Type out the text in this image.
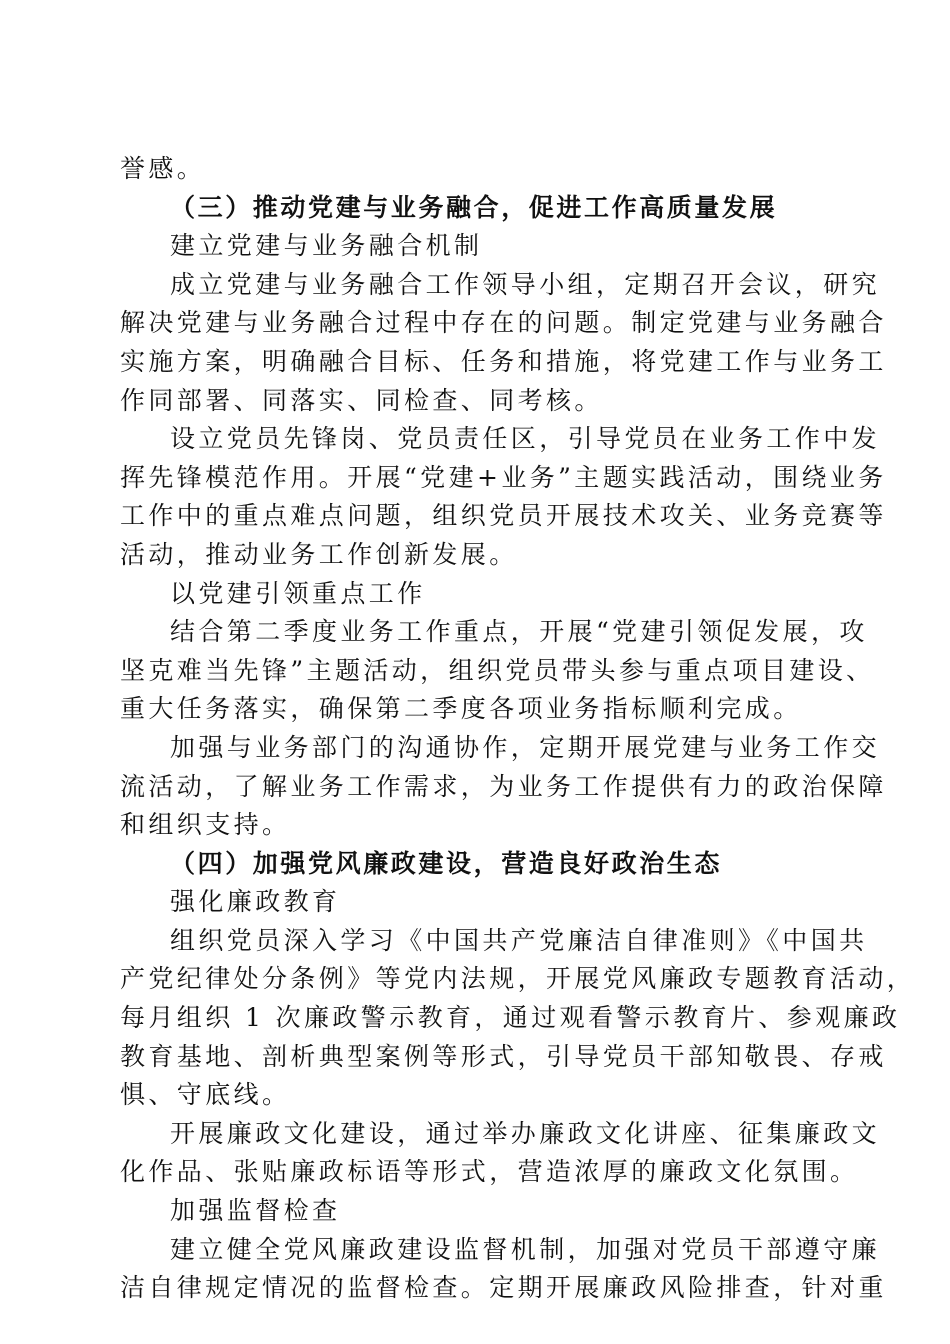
誉感。
（三）推动党建与业务融合，促进工作高质量发展
建立党建与业务融合机制
成立党建与业务融合工作领导小组，定期召开会议，研究
解决党建与业务融合过程中存在的问题。制定党建与业务融合
实施方案，明确融合目标、任务和措施，将党建工作与业务工
作同部署、同落实、同检查、同考核。
设立党员先锋岗、党员责任区，引导党员在业务工作中发
挥先锋模范作用。开展“党建+业务”主题实践活动，围绕业务
工作中的重点难点问题，组织党员开展技术攻关、业务竞赛等
活动，推动业务工作创新发展。
以党建引领重点工作
结合第二季度业务工作重点，开展“党建引领促发展，攻
坚克难当先锋”主题活动，组织党员带头参与重点项目建设、
重大任务落实，确保第二季度各项业务指标顺利完成。
加强与业务部门的沟通协作，定期开展党建与业务工作交
流活动，了解业务工作需求，为业务工作提供有力的政治保障
和组织支持。
（四）加强党风廉政建设，营造良好政治生态
强化廉政教育
组织党员深入学习《中国共产党廉洁自律准则》《中国共
产党纪律处分条例》等党内法规，开展党风廉政专题教育活动，
每月组织 1 次廉政警示教育，通过观看警示教育片、参观廉政
教育基地、剖析典型案例等形式，引导党员干部知敬畏、存戒
惧、守底线。
开展廉政文化建设，通过举办廉政文化讲座、征集廉政文
化作品、张贴廉政标语等形式，营造浓厚的廉政文化氛围。
加强监督检查
建立健全党风廉政建设监督机制，加强对党员干部遵守廉
洁自律规定情况的监督检查。定期开展廉政风险排查，针对重
